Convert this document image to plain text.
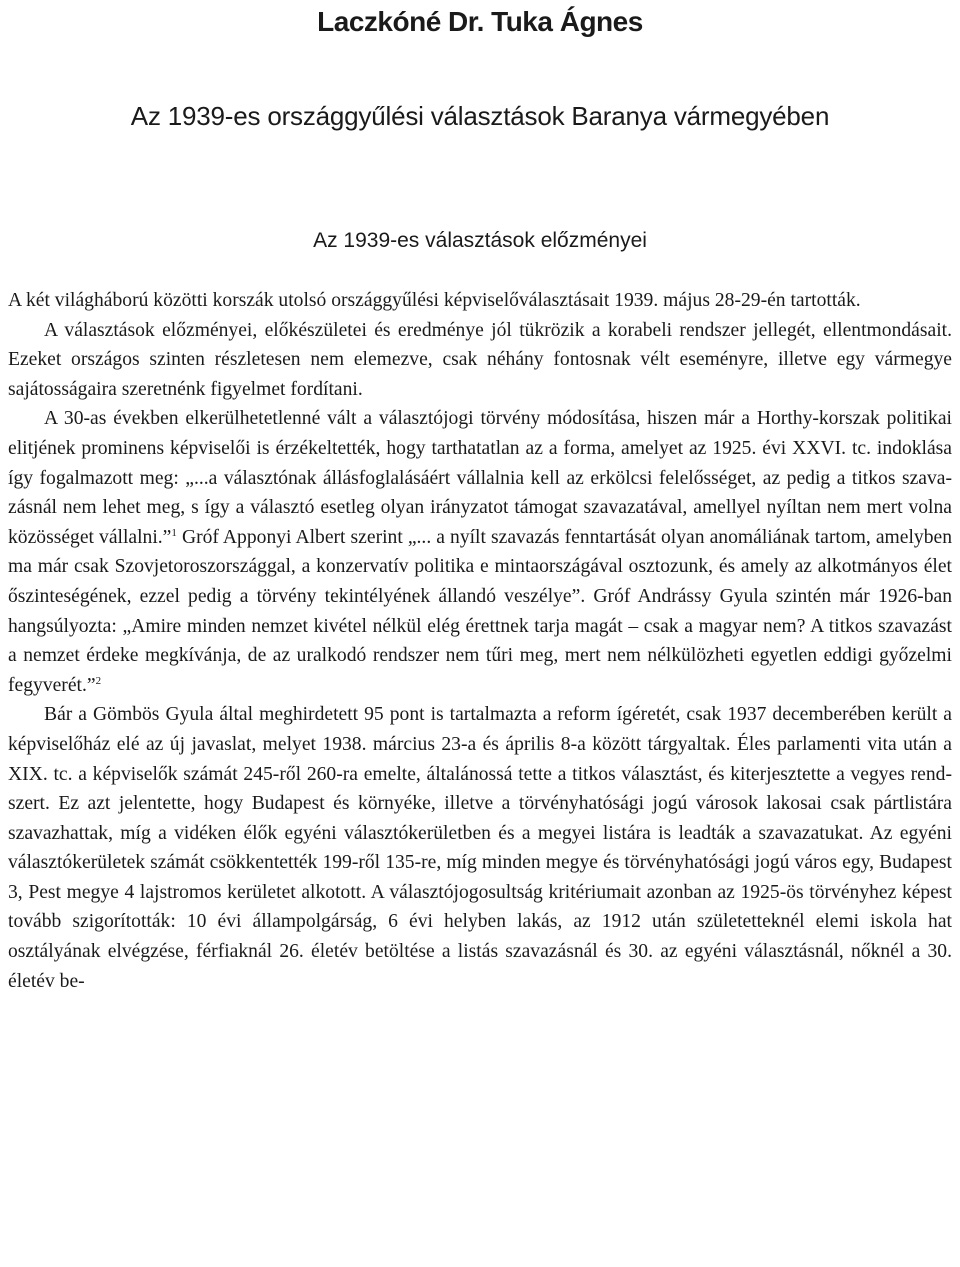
Laczkóné Dr. Tuka Ágnes
Az 1939-es országgyűlési választások Baranya vármegyében
Az 1939-es választások előzményei

A két világháború közötti korszák utolsó országgyűlési képviselőválasztásait 1939. május 28-29-én tartották.

A választások előzményei, előkészületei és eredménye jól tükrözik a korabeli rendszer jellegét, ellentmondásait. Ezeket országos szinten részletesen nem elemezve, csak néhány fontosnak vélt eseményre, illetve egy vármegye sajátosságaira szeretnénk figyelmet fordítani.

A 30-as években elkerülhetetlenné vált a választójogi törvény módosítása, hiszen már a Horthy-korszak politikai elitjének prominens képviselői is érzékeltették, hogy tarthatatlan az a forma, amelyet az 1925. évi XXVI. tc. indoklása így fogalmazott meg: „...a választónak állásfoglalásáért vállalnia kell az erkölcsi felelősséget, az pedig a titkos szavazásnál nem lehet meg, s így a választó esetleg olyan irányzatot támogat szavazatával, amellyel nyíltan nem mert volna közösséget vállalni.”$^1$ Gróf Apponyi Albert szerint „... a nyílt szavazás fenntartását olyan anomáliának tartom, amelyben ma már csak Szovjetoroszországgal, a konzervatív politika e mintaországával osztozunk, és amely az alkotmányos élet őszinteségének, ezzel pedig a törvény tekintélyének állandó veszélye”. Gróf Andrássy Gyula szintén már 1926-ban hangsúlyozta: „Amire minden nemzet kivétel nélkül elég érettnek tarja magát – csak a magyar nem? A titkos szavazást a nemzet érdeke megkívánja, de az uralkodó rendszer nem tűri meg, mert nem nélkülözheti egyetlen eddigi győzelmi fegyverét.”$^2$

Bár a Gömbös Gyula által meghirdetett 95 pont is tartalmazta a reform ígéretét, csak 1937 decemberében került a képviselőház elé az új javaslat, melyet 1938. március 23-a és április 8-a között tárgyaltak. Éles parlamenti vita után a XIX. tc. a képviselők számát 245-ről 260-ra emelte, általánossá tette a titkos választást, és kiterjesztette a vegyes rendszert. Ez azt jelentette, hogy Budapest és környéke, illetve a törvényhatósági jogú városok lakosai csak pártlistára szavazhattak, míg a vidéken élők egyéni választókerületben és a megyei listára is leadták a szavazatukat. Az egyéni választókerületek számát csökkentették 199-ről 135-re, míg minden megye és törvényhatósági jogú város egy, Budapest 3, Pest megye 4 lajstromos kerületet alkotott. A választójogosultság kritériumait azonban az 1925-ös törvényhez képest tovább szigorították: 10 évi állampolgárság, 6 évi helyben lakás, az 1912 után születetteknél elemi iskola hat osztályának elvégzése, férfiaknál 26. életév betöltése a listás szavazásnál és 30. az egyéni választásnál, nőknél a 30. életév be-
